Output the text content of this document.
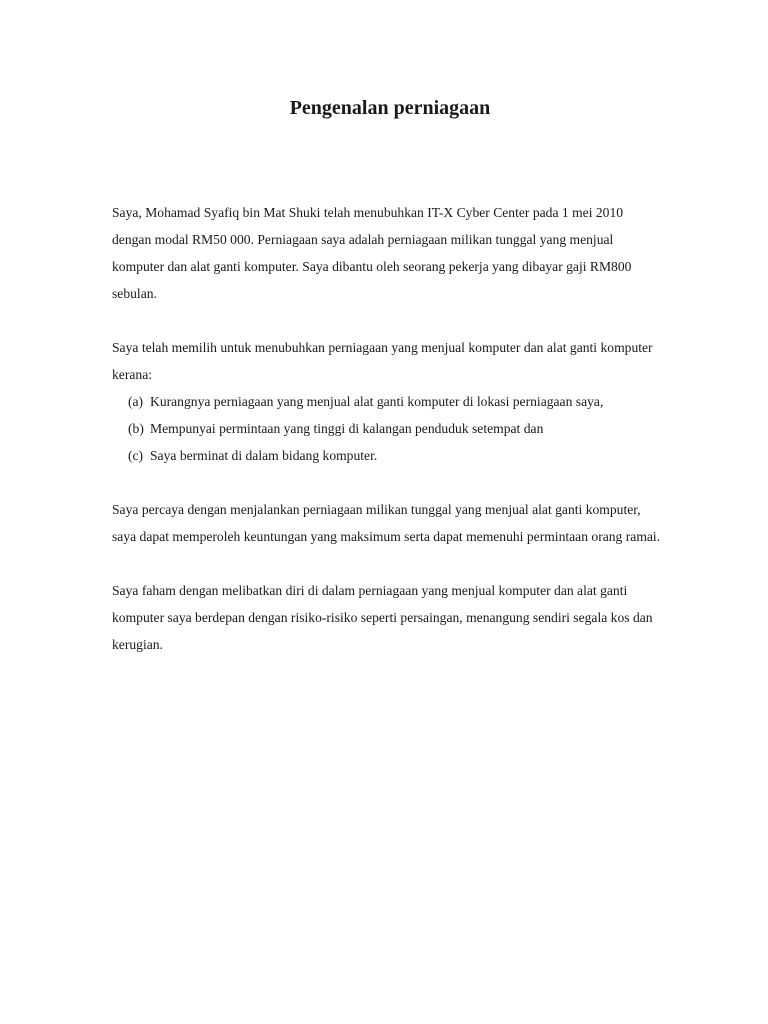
Pengenalan perniagaan

Saya, Mohamad Syafiq bin Mat Shuki telah menubuhkan IT-X Cyber Center pada 1 mei 2010 dengan modal RM50 000. Perniagaan saya adalah perniagaan milikan tunggal yang menjual komputer dan alat ganti komputer. Saya dibantu oleh seorang pekerja yang dibayar gaji RM800 sebulan.

Saya telah memilih untuk menubuhkan perniagaan yang menjual komputer dan alat ganti komputer kerana:

(a) Kurangnya perniagaan yang menjual alat ganti komputer di lokasi perniagaan saya,
(b) Mempunyai permintaan yang tinggi di kalangan penduduk setempat dan
(c) Saya berminat di dalam bidang komputer.

Saya percaya dengan menjalankan perniagaan milikan tunggal yang menjual alat ganti komputer, saya dapat memperoleh keuntungan yang maksimum serta dapat memenuhi permintaan orang ramai.

Saya faham dengan melibatkan diri di dalam perniagaan yang menjual komputer dan alat ganti komputer saya berdepan dengan risiko-risiko seperti persaingan, menangung sendiri segala kos dan kerugian.
